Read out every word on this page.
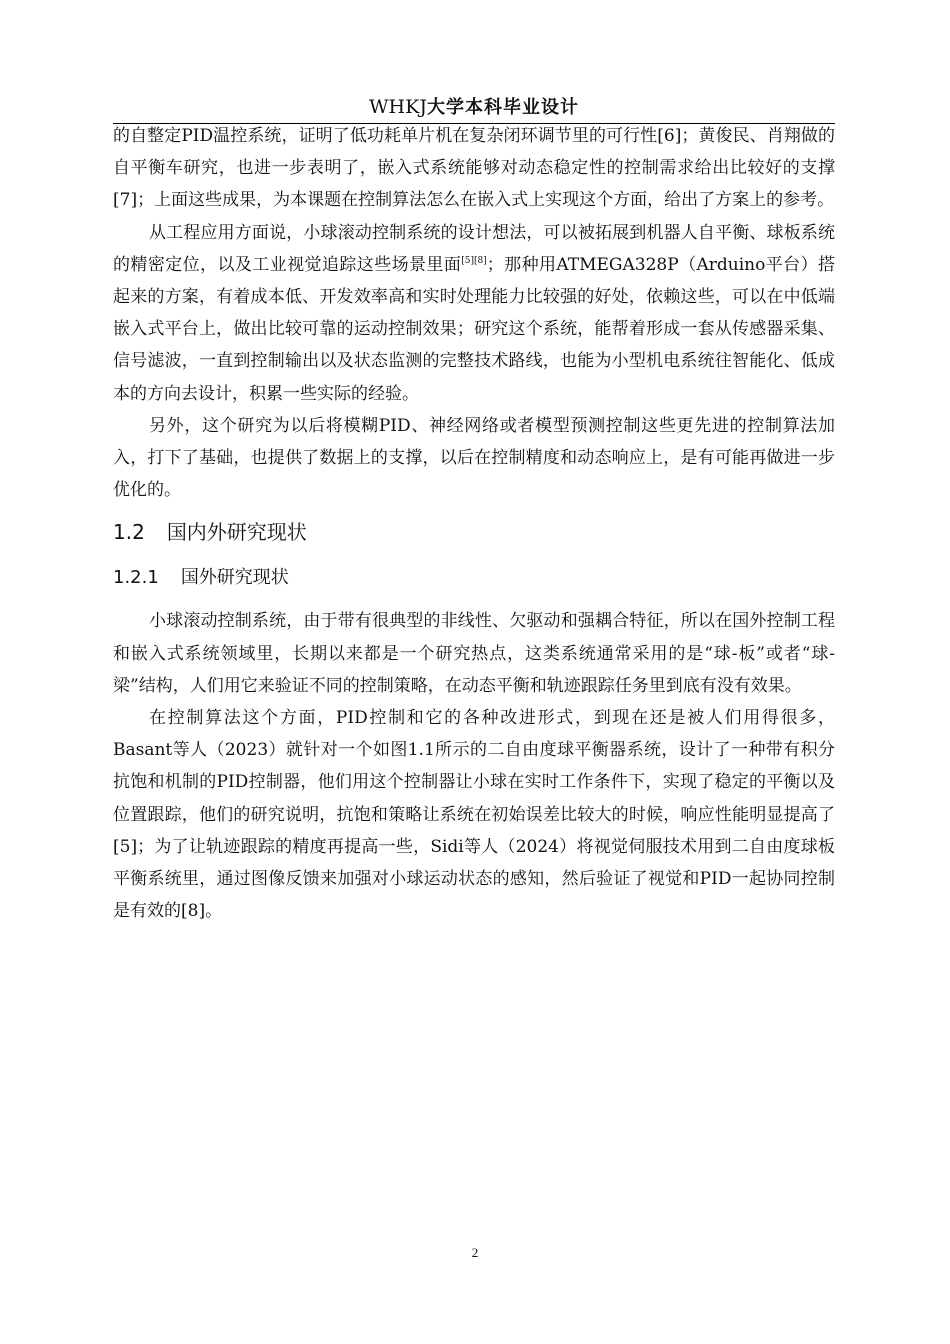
WHKJ大学本科毕业设计

的自整定PID温控系统，证明了低功耗单片机在复杂闭环调节里的可行性[6]；黄俊民、肖翔做的自平衡车研究，也进一步表明了，嵌入式系统能够对动态稳定性的控制需求给出比较好的支撑[7]；上面这些成果，为本课题在控制算法怎么在嵌入式上实现这个方面，给出了方案上的参考。

从工程应用方面说，小球滚动控制系统的设计想法，可以被拓展到机器人自平衡、球板系统的精密定位，以及工业视觉追踪这些场景里面[5][8]；那种用ATMEGA328P（Arduino平台）搭起来的方案，有着成本低、开发效率高和实时处理能力比较强的好处，依赖这些，可以在中低端嵌入式平台上，做出比较可靠的运动控制效果；研究这个系统，能帮着形成一套从传感器采集、信号滤波，一直到控制输出以及状态监测的完整技术路线，也能为小型机电系统往智能化、低成本的方向去设计，积累一些实际的经验。

另外，这个研究为以后将模糊PID、神经网络或者模型预测控制这些更先进的控制算法加入，打下了基础，也提供了数据上的支撑，以后在控制精度和动态响应上，是有可能再做进一步优化的。

1.2 国内外研究现状
1.2.1 国外研究现状

小球滚动控制系统，由于带有很典型的非线性、欠驱动和强耦合特征，所以在国外控制工程和嵌入式系统领域里，长期以来都是一个研究热点，这类系统通常采用的是“球-板”或者“球-梁”结构，人们用它来验证不同的控制策略，在动态平衡和轨迹跟踪任务里到底有没有效果。

在控制算法这个方面，PID控制和它的各种改进形式，到现在还是被人们用得很多，Basant等人（2023）就针对一个如图1.1所示的二自由度球平衡器系统，设计了一种带有积分抗饱和机制的PID控制器，他们用这个控制器让小球在实时工作条件下，实现了稳定的平衡以及位置跟踪，他们的研究说明，抗饱和策略让系统在初始误差比较大的时候，响应性能明显提高了[5]；为了让轨迹跟踪的精度再提高一些，Sidi等人（2024）将视觉伺服技术用到二自由度球板平衡系统里，通过图像反馈来加强对小球运动状态的感知，然后验证了视觉和PID一起协同控制是有效的[8]。

2
